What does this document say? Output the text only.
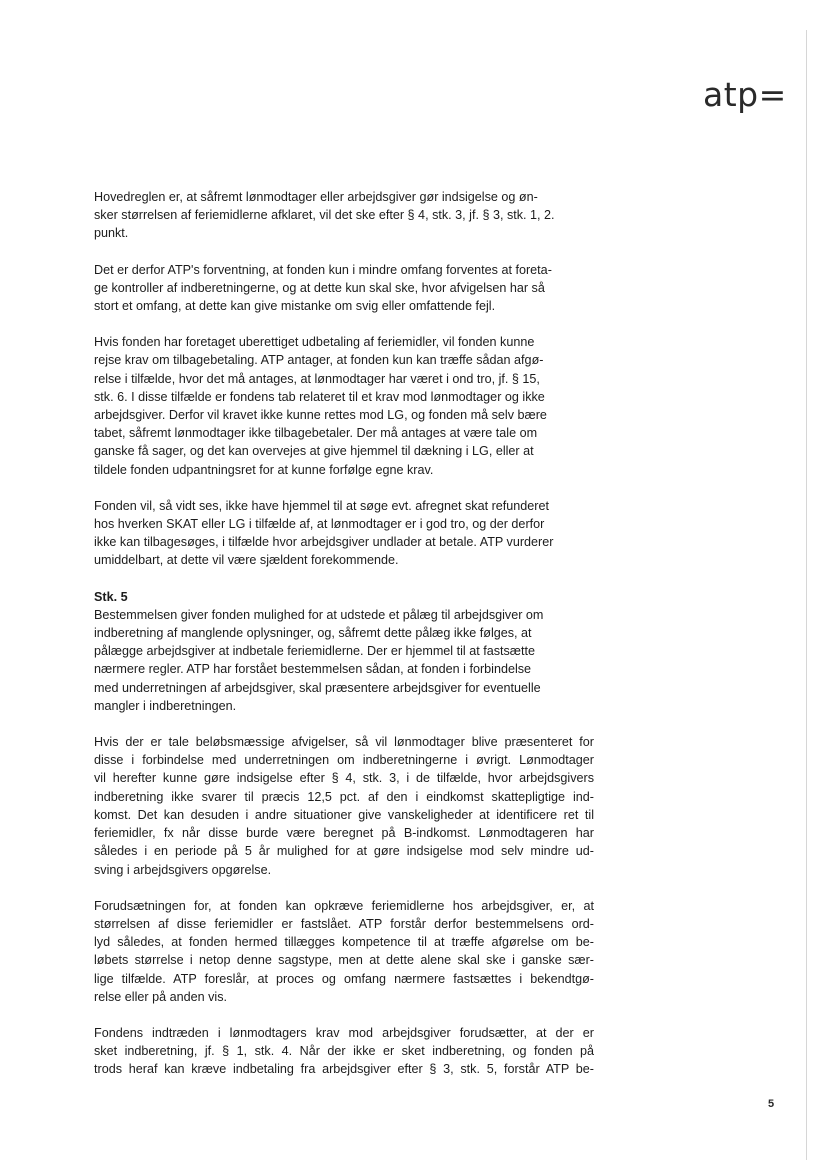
atp=
Hovedreglen er, at såfremt lønmodtager eller arbejdsgiver gør indsigelse og øn-
sker størrelsen af feriemidlerne afklaret, vil det ske efter § 4, stk. 3, jf. § 3, stk. 1, 2.
punkt.
Det er derfor ATP's forventning, at fonden kun i mindre omfang forventes at foreta-
ge kontroller af indberetningerne, og at dette kun skal ske, hvor afvigelsen har så
stort et omfang, at dette kan give mistanke om svig eller omfattende fejl.
Hvis fonden har foretaget uberettiget udbetaling af feriemidler, vil fonden kunne
rejse krav om tilbagebetaling. ATP antager, at fonden kun kan træffe sådan afgø-
relse i tilfælde, hvor det må antages, at lønmodtager har været i ond tro, jf. § 15,
stk. 6. I disse tilfælde er fondens tab relateret til et krav mod lønmodtager og ikke
arbejdsgiver. Derfor vil kravet ikke kunne rettes mod LG, og fonden må selv bære
tabet, såfremt lønmodtager ikke tilbagebetaler. Der må antages at være tale om
ganske få sager, og det kan overvejes at give hjemmel til dækning i LG, eller at
tildele fonden udpantningsret for at kunne forfølge egne krav.
Fonden vil, så vidt ses, ikke have hjemmel til at søge evt. afregnet skat refunderet
hos hverken SKAT eller LG i tilfælde af, at lønmodtager er i god tro, og der derfor
ikke kan tilbagesøges, i tilfælde hvor arbejdsgiver undlader at betale. ATP vurderer
umiddelbart, at dette vil være sjældent forekommende.
Stk. 5
Bestemmelsen giver fonden mulighed for at udstede et pålæg til arbejdsgiver om
indberetning af manglende oplysninger, og, såfremt dette pålæg ikke følges, at
pålægge arbejdsgiver at indbetale feriemidlerne. Der er hjemmel til at fastsætte
nærmere regler. ATP har forstået bestemmelsen sådan, at fonden i forbindelse
med underretningen af arbejdsgiver, skal præsentere arbejdsgiver for eventuelle
mangler i indberetningen.
Hvis der er tale beløbsmæssige afvigelser, så vil lønmodtager blive præsenteret for
disse i forbindelse med underretningen om indberetningerne i øvrigt. Lønmodtager
vil herefter kunne gøre indsigelse efter § 4, stk. 3, i de tilfælde, hvor arbejdsgivers
indberetning ikke svarer til præcis 12,5 pct. af den i eindkomst skattepligtige ind-
komst. Det kan desuden i andre situationer give vanskeligheder at identificere ret til
feriemidler, fx når disse burde være beregnet på B-indkomst. Lønmodtageren har
således i en periode på 5 år mulighed for at gøre indsigelse mod selv mindre ud-
sving i arbejdsgivers opgørelse.
Forudsætningen for, at fonden kan opkræve feriemidlerne hos arbejdsgiver, er, at
størrelsen af disse feriemidler er fastslået. ATP forstår derfor bestemmelsens ord-
lyd således, at fonden hermed tillægges kompetence til at træffe afgørelse om be-
løbets størrelse i netop denne sagstype, men at dette alene skal ske i ganske sær-
lige tilfælde. ATP foreslår, at proces og omfang nærmere fastsættes i bekendtgø-
relse eller på anden vis.
Fondens indtræden i lønmodtagers krav mod arbejdsgiver forudsætter, at der er
sket indberetning, jf. § 1, stk. 4. Når der ikke er sket indberetning, og fonden på
trods heraf kan kræve indbetaling fra arbejdsgiver efter § 3, stk. 5, forstår ATP be-
5
